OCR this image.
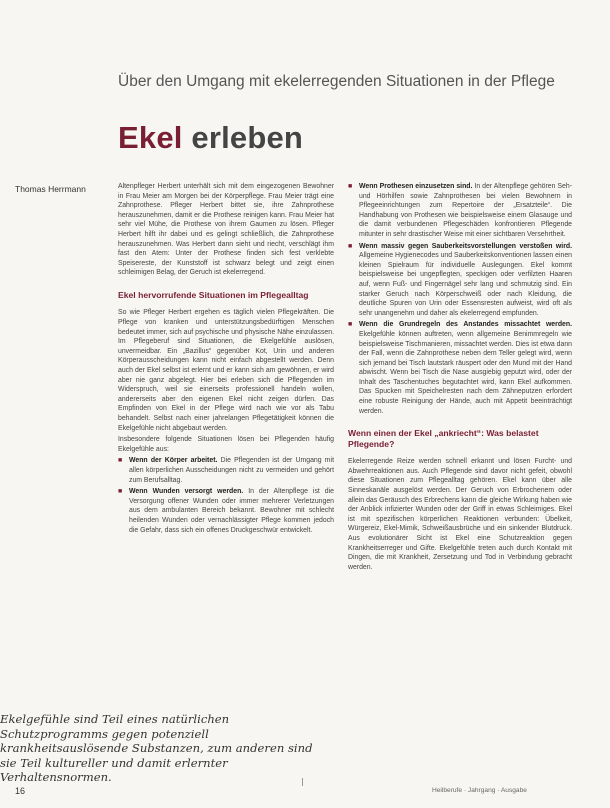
Über den Umgang mit ekelerregenden Situationen in der Pflege
Ekel erleben
Thomas Herrmann	Altenpfleger Herbert unterhält sich mit dem eingezogenen Bewohner in Frau Meier am Morgen bei der Körperpflege. Frau Meier trägt eine Zahnprothese. Pfleger Herbert bittet sie, ihre Zahnprothese herauszunehmen, damit er die Prothese reinigen kann. Frau Meier hat sehr viel Mühe, die Prothese von ihrem Gaumen zu lösen. Pfleger Herbert hilft ihr dabei und es gelingt schließlich, die Zahnprothese herauszunehmen. Was Herbert dann sieht und riecht, verschlägt ihm fast den Atem: Unter der Prothese finden sich fest verklebte Speisereste, der Kunststoff ist schwarz belegt und zeigt einen schleimigen Belag, der Geruch ist ekelerregend.

Ekel hervorrufende Situationen im Pflegealltag

So wie Pfleger Herbert ergehen es täglich vielen Pflegekräften. Die Pflege von kranken und unterstützungsbedürftigen Menschen bedeutet immer, sich auf psychische und physische Nähe einzulassen. Im Pflegeberuf sind Situationen, die Ekelgefühle auslösen, unvermeidbar. Ein „Bazillus“ gegenüber Kot, Urin und anderen Körperausscheidungen kann nicht einfach abgestellt werden. Denn auch der Ekel selbst ist erlernt und er kann sich am gewöhnen, er wird aber nie ganz abgelegt. Hier bei erleben sich die Pflegenden im Widerspruch, weil sie einerseits professionell handeln wollen, andererseits aber den eigenen Ekel nicht zeigen dürfen. Das Empfinden von Ekel in der Pflege wird nach wie vor als Tabu behandelt. Selbst nach einer jahrelangen Pflegetätigkeit können die Ekelgefühle nicht abgebaut werden.

Insbesondere folgende Situationen lösen bei Pflegenden häufig Ekelgefühle aus:

■ Wenn der Körper arbeitet. Die Pflegenden ist der Umgang mit allen körperlichen Ausscheidungen nicht zu vermeiden und gehört zum Berufsalltag.
■ Wenn Wunden versorgt werden. In der Altenpflege ist die Versorgung offener Wunden oder immer mehrerer Verletzungen aus dem ambulanten Bereich bekannt. Bewohner mit schlecht heilenden Wunden oder vernachlässigter Pflege kommen jedoch die Gefahr, dass sich ein offenes Druckgeschwür entwickelt.
■ Wenn Prothesen einzusetzen sind. In der Altenpflege gehören Seh- und Hörhilfen sowie Zahnprothesen bei vielen Bewohnern in Pflegeeinrichtungen zum Repertoire der „Ersatzteile“. Die Handhabung von Prothesen wie beispielsweise einem Glasauge und die damit verbundenen Pflegeschäden konfrontieren Pflegende mitunter in sehr drastischer Weise mit einer sichtbaren Versehrtheit.
■ Wenn massiv gegen Sauberkeitsvorstellungen verstoßen wird. Allgemeine Hygienecodes und Sauberkeitskonventionen lassen einen kleinen Spielraum für individuelle Auslegungen. Ekel kommt beispielsweise bei ungepflegten, speckigen oder verfilzten Haaren auf, wenn Fuß- und Fingernägel sehr lang und schmutzig sind. Ein starker Geruch nach Körperschweiß oder nach Kleidung, die deutliche Spuren von Urin oder Essensresten aufweist, wird oft als sehr unangenehm und daher als ekelerregend empfunden.
■ Wenn die Grundregeln des Anstandes missachtet werden. Ekelgefühle können auftreten, wenn allgemeine Benimmregeln wie beispielsweise Tischmanieren, missachtet werden. Dies ist etwa dann der Fall, wenn die Zahnprothese neben dem Teller gelegt wird, wenn sich jemand bei Tisch lautstark räuspert oder den Mund mit der Hand abwischt. Wenn bei Tisch die Nase ausgiebig geputzt wird, oder der Inhalt des Taschentuches begutachtet wird, kann Ekel aufkommen. Das Spucken mit Speichelresten nach dem Zähneputzen erfordert eine robuste Reinigung der Hände, auch mit Appetit beeinträchtigt werden.
Wenn einen der Ekel „ankriecht“: Was belastet Pflegende?

Ekelerregende Reize werden schnell erkannt und lösen Furcht- und Abwehrreaktionen aus. Auch Pflegende sind davor nicht gefeit, obwohl diese Situationen zum Pflegealltag gehören. Ekel kann über alle Sinneskanäle ausgelöst werden. Der Geruch von Erbrochenem oder allein das Geräusch des Erbrechens kann die gleiche Wirkung haben wie der Anblick infizierter Wunden oder der Griff in etwas Schleimiges. Ekel ist mit spezifischen körperlichen Reaktionen verbunden: Übelkeit, Würgereiz, Ekel-Mimik, Schweißausbrüche und ein sinkender Blutdruck. Aus evolutionärer Sicht ist Ekel eine Schutzreaktion gegen Krankheitserreger und Gifte. Ekelgefühle treten auch durch Kontakt mit Dingen, die mit Krankheit, Zersetzung und Tod in Verbindung gebracht werden.

Ekelgefühle sind Teil eines natürlichen Schutzprogramms gegen potenziell krankheitsauslösende Substanzen, zum anderen sind sie Teil kultureller und damit erlernter Verhaltensnormen.
16	Heilberufe · Jahrgang · Ausgabe
